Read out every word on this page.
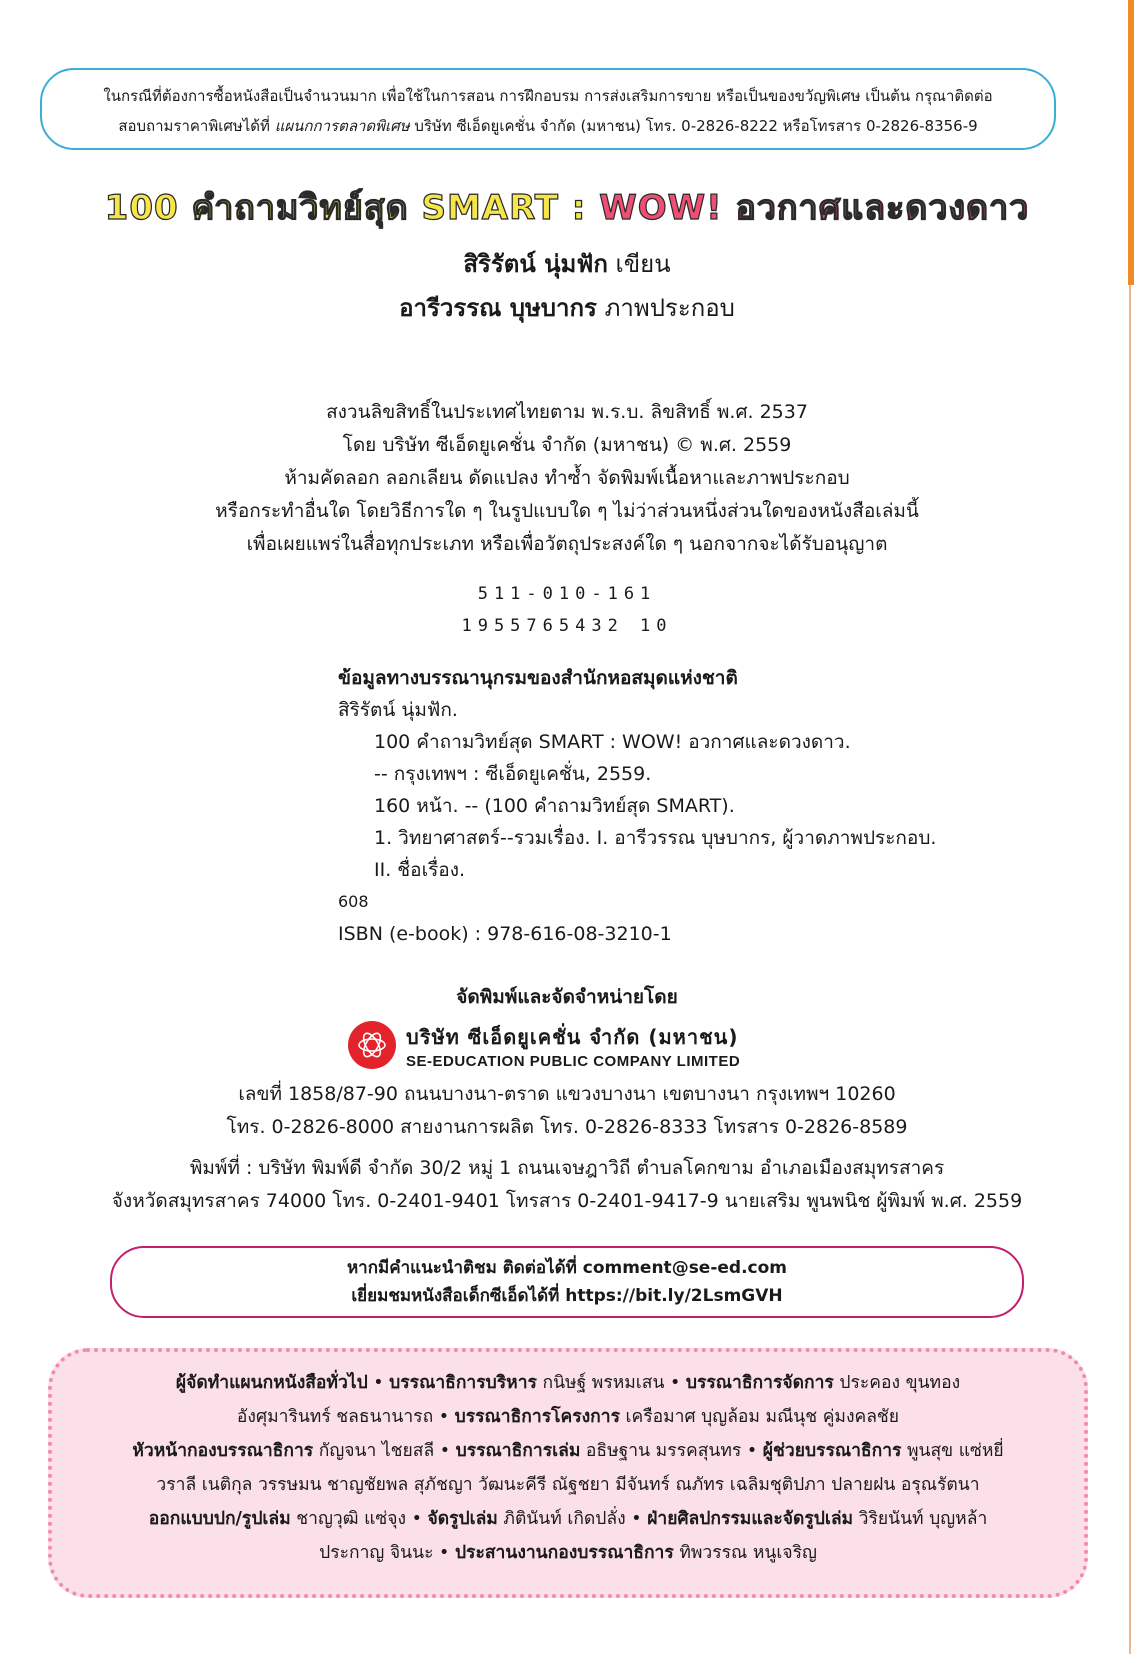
ในกรณีที่ต้องการซื้อหนังสือเป็นจำนวนมาก เพื่อใช้ในการสอน การฝึกอบรม การส่งเสริมการขาย หรือเป็นของขวัญพิเศษ เป็นต้น กรุณาติดต่อ
สอบถามราคาพิเศษได้ที่ แผนกการตลาดพิเศษ บริษัท ซีเอ็ดยูเคชั่น จำกัด (มหาชน) โทร. 0-2826-8222 หรือโทรสาร 0-2826-8356-9
100 คำถามวิทย์สุด SMART : WOW! อวกาศและดวงดาว
สิริรัตน์ นุ่มฟัก เขียน
อารีวรรณ บุษบากร ภาพประกอบ
สงวนลิขสิทธิ์ในประเทศไทยตาม พ.ร.บ. ลิขสิทธิ์ พ.ศ. 2537
โดย บริษัท ซีเอ็ดยูเคชั่น จำกัด (มหาชน) © พ.ศ. 2559
ห้ามคัดลอก ลอกเลียน ดัดแปลง ทำซ้ำ จัดพิมพ์เนื้อหาและภาพประกอบ
หรือกระทำอื่นใด โดยวิธีการใด ๆ ในรูปแบบใด ๆ ไม่ว่าส่วนหนึ่งส่วนใดของหนังสือเล่มนี้
เพื่อเผยแพร่ในสื่อทุกประเภท หรือเพื่อวัตถุประสงค์ใด ๆ นอกจากจะได้รับอนุญาต
511-010-161
1955765432 10
ข้อมูลทางบรรณานุกรมของสำนักหอสมุดแห่งชาติ
สิริรัตน์ นุ่มฟัก.
100 คำถามวิทย์สุด SMART : WOW! อวกาศและดวงดาว.
-- กรุงเทพฯ : ซีเอ็ดยูเคชั่น, 2559.
160 หน้า. -- (100 คำถามวิทย์สุด SMART).
1. วิทยาศาสตร์--รวมเรื่อง. I. อารีวรรณ บุษบากร, ผู้วาดภาพประกอบ.
II. ชื่อเรื่อง.
608
ISBN (e-book) : 978-616-08-3210-1
จัดพิมพ์และจัดจำหน่ายโดย
บริษัท ซีเอ็ดยูเคชั่น จำกัด (มหาชน)
SE-EDUCATION PUBLIC COMPANY LIMITED
เลขที่ 1858/87-90 ถนนบางนา-ตราด แขวงบางนา เขตบางนา กรุงเทพฯ 10260
โทร. 0-2826-8000 สายงานการผลิต โทร. 0-2826-8333 โทรสาร 0-2826-8589
พิมพ์ที่ : บริษัท พิมพ์ดี จำกัด 30/2 หมู่ 1 ถนนเจษฎาวิถี ตำบลโคกขาม อำเภอเมืองสมุทรสาคร
จังหวัดสมุทรสาคร 74000 โทร. 0-2401-9401 โทรสาร 0-2401-9417-9 นายเสริม พูนพนิช ผู้พิมพ์ พ.ศ. 2559
หากมีคำแนะนำติชม ติดต่อได้ที่ comment@se-ed.com
เยี่ยมชมหนังสือเด็กซีเอ็ดได้ที่ https://bit.ly/2LsmGVH
ผู้จัดทำแผนกหนังสือทั่วไป • บรรณาธิการบริหาร กนิษฐ์ พรหมเสน • บรรณาธิการจัดการ ประคอง ขุนทอง
อังศุมารินทร์ ชลธนานารถ • บรรณาธิการโครงการ เครือมาศ บุญล้อม มณีนุช คู่มงคลชัย
หัวหน้ากองบรรณาธิการ กัญจนา ไชยสลี • บรรณาธิการเล่ม อธิษฐาน มรรคสุนทร • ผู้ช่วยบรรณาธิการ พูนสุข แซ่หยี่
วราลี เนติกุล วรรษมน ชาญชัยพล สุภัชญา วัฒนะคีรี ณัฐชยา มีจันทร์ ณภัทร เฉลิมชุติปภา ปลายฝน อรุณรัตนา
ออกแบบปก/รูปเล่ม ชาญวุฒิ แซ่จุง • จัดรูปเล่ม ภิตินันท์ เกิดปลั่ง • ฝ่ายศิลปกรรมและจัดรูปเล่ม วิริยนันท์ บุญหล้า
ประกาญ จินนะ • ประสานงานกองบรรณาธิการ ทิพวรรณ หนูเจริญ
